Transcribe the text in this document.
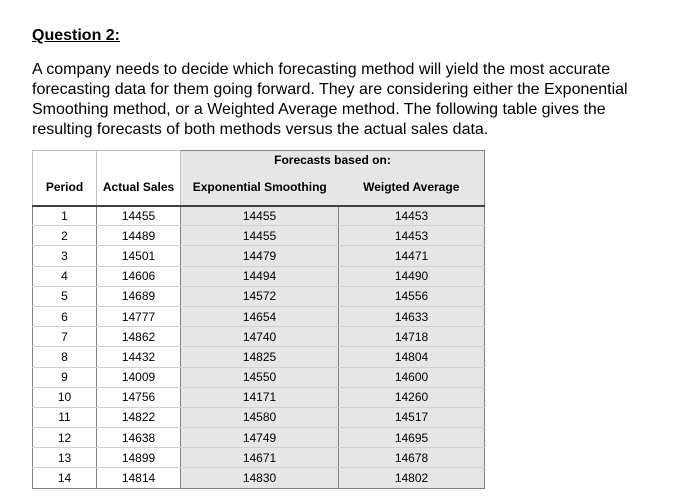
Question 2:

A company needs to decide which forecasting method will yield the most accurate forecasting data for them going forward. They are considering either the Exponential Smoothing method, or a Weighted Average method. The following table gives the resulting forecasts of both methods versus the actual sales data.

		Forecasts based on:	
Period	Actual Sales	Exponential Smoothing	Weigted Average
1	14455	14455	14453
2	14489	14455	14453
3	14501	14479	14471
4	14606	14494	14490
5	14689	14572	14556
6	14777	14654	14633
7	14862	14740	14718
8	14432	14825	14804
9	14009	14550	14600
10	14756	14171	14260
11	14822	14580	14517
12	14638	14749	14695
13	14899	14671	14678
14	14814	14830	14802
